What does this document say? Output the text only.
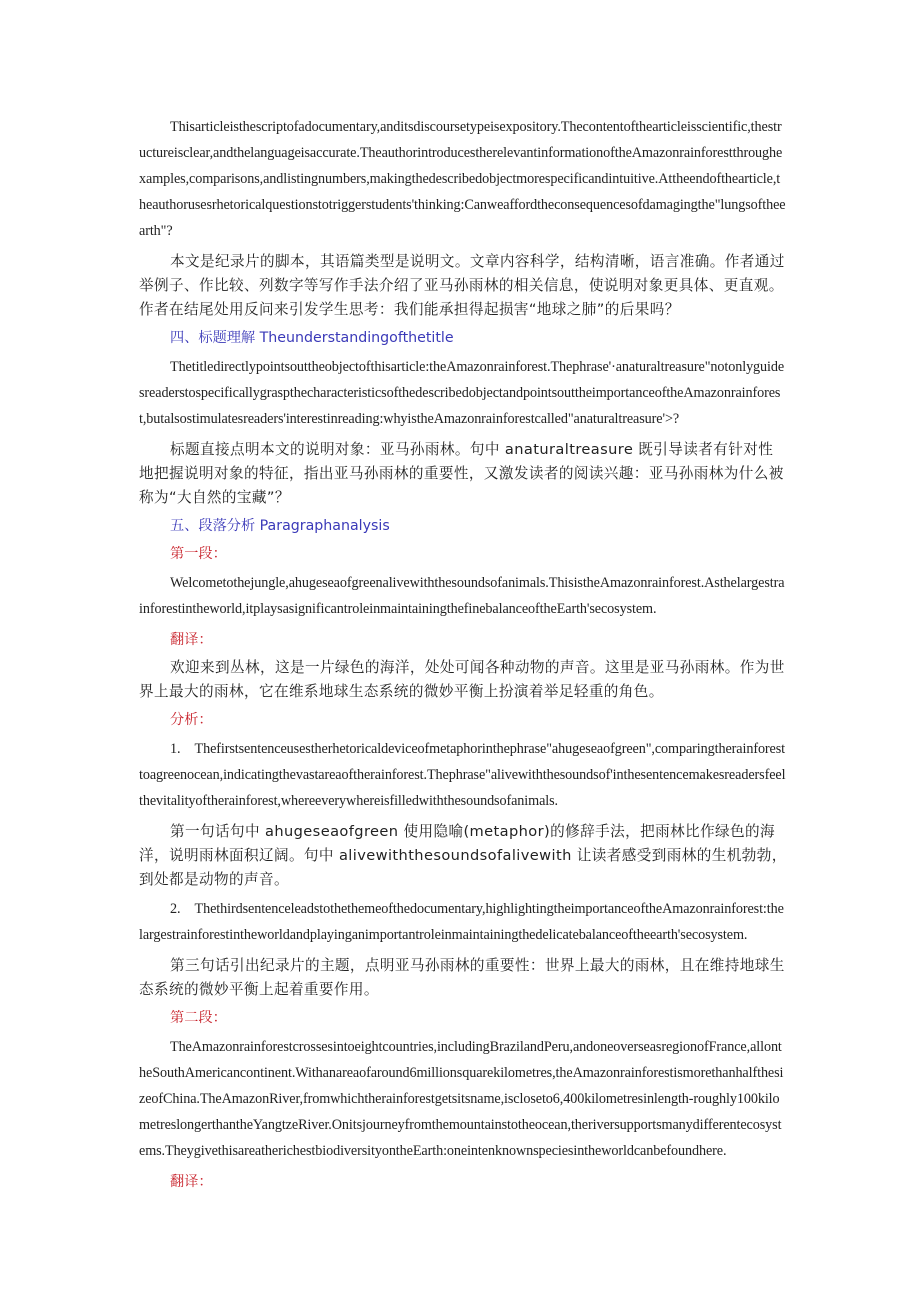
Thisarticleisthescriptofadocumentary,anditsdiscoursetypeisexpository.Thecontentofthearticleisscientific,thestructureisclear,andthelanguageisaccurate.TheauthorintroducestherelevantinformationoftheAmazonrainforestthroughexamples,comparisons,andlistingnumbers,makingthedescribedobjectmorespecificandintuitive.Attheendofthearticle,theauthorusesrhetoricalquestionstotriggerstudents'thinking:Canweaffordtheconsequencesofdamagingthe"lungsoftheearth"?

本文是纪录片的脚本，其语篇类型是说明文。文章内容科学，结构清晰，语言准确。作者通过举例子、作比较、列数字等写作手法介绍了亚马孙雨林的相关信息，使说明对象更具体、更直观。作者在结尾处用反问来引发学生思考：我们能承担得起损害“地球之肺”的后果吗？

四、标题理解 Theunderstandingofthetitle

Thetitledirectlypointsouttheobjectofthisarticle:theAmazonrainforest.Thephrase'·anaturaltreasure"notonlyguidesreaderstospecificallygraspthecharacteristicsofthedescribedobjectandpointsouttheimportanceoftheAmazonrainforest,butalsostimulatesreaders'interestinreading:whyistheAmazonrainforestcalled"anaturaltreasure'>?

标题直接点明本文的说明对象：亚马孙雨林。句中 anaturaltreasure 既引导读者有针对性地把握说明对象的特征，指出亚马孙雨林的重要性，又激发读者的阅读兴趣：亚马孙雨林为什么被称为“大自然的宝藏”？

五、段落分析 Paragraphanalysis
第一段：

Welcometothejungle,ahugeseaofgreenalivewiththesoundsofanimals.ThisistheAmazonrainforest.Asthelargestrainforestintheworld,itplaysasignificantroleinmaintainingthefinebalanceoftheEarth'secosystem.

翻译：

欢迎来到丛林，这是一片绿色的海洋，处处可闻各种动物的声音。这里是亚马孙雨林。作为世界上最大的雨林，它在维系地球生态系统的微妙平衡上扮演着举足轻重的角色。

分析：

1.　Thefirstsentenceusestherhetoricaldeviceofmetaphorinthephrase"ahugeseaofgreen",comparingtherainforesttoagreenocean,indicatingthevastareaoftherainforest.Thephrase"alivewiththesoundsof'inthesentencemakesreadersfeelthevitalityoftherainforest,whereeverywhereisfilledwiththesoundsofanimals.

第一句话句中 ahugeseaofgreen 使用隐喻(metaphor)的修辞手法，把雨林比作绿色的海洋，说明雨林面积辽阔。句中 alivewiththesoundsofalivewith 让读者感受到雨林的生机勃勃，到处都是动物的声音。

2.　Thethirdsentenceleadstothethemeofthedocumentary,highlightingtheimportanceoftheAmazonrainforest:thelargestrainforestintheworldandplayinganimportantroleinmaintainingthedelicatebalanceoftheearth'secosystem.

第三句话引出纪录片的主题，点明亚马孙雨林的重要性：世界上最大的雨林，且在维持地球生态系统的微妙平衡上起着重要作用。

第二段：

TheAmazonrainforestcrossesintoeightcountries,includingBrazilandPeru,andoneoverseasregionofFrance,allontheSouthAmericancontinent.Withanareaofaround6millionsquarekilometres,theAmazonrainforestismorethanhalfthesizeofChina.TheAmazonRiver,fromwhichtherainforestgetsitsname,isclosetо6,400kilometresinlength-roughly100kilometreslongerthantheYangtzeRiver.Onitsjourneyfromthemountainstotheocean,theriversupportsmanydifferentecosystems.TheygivethisareatherichestbiodiversityontheEarth:oneintenknownspeciesintheworldcanbefoundhere.

翻译：
